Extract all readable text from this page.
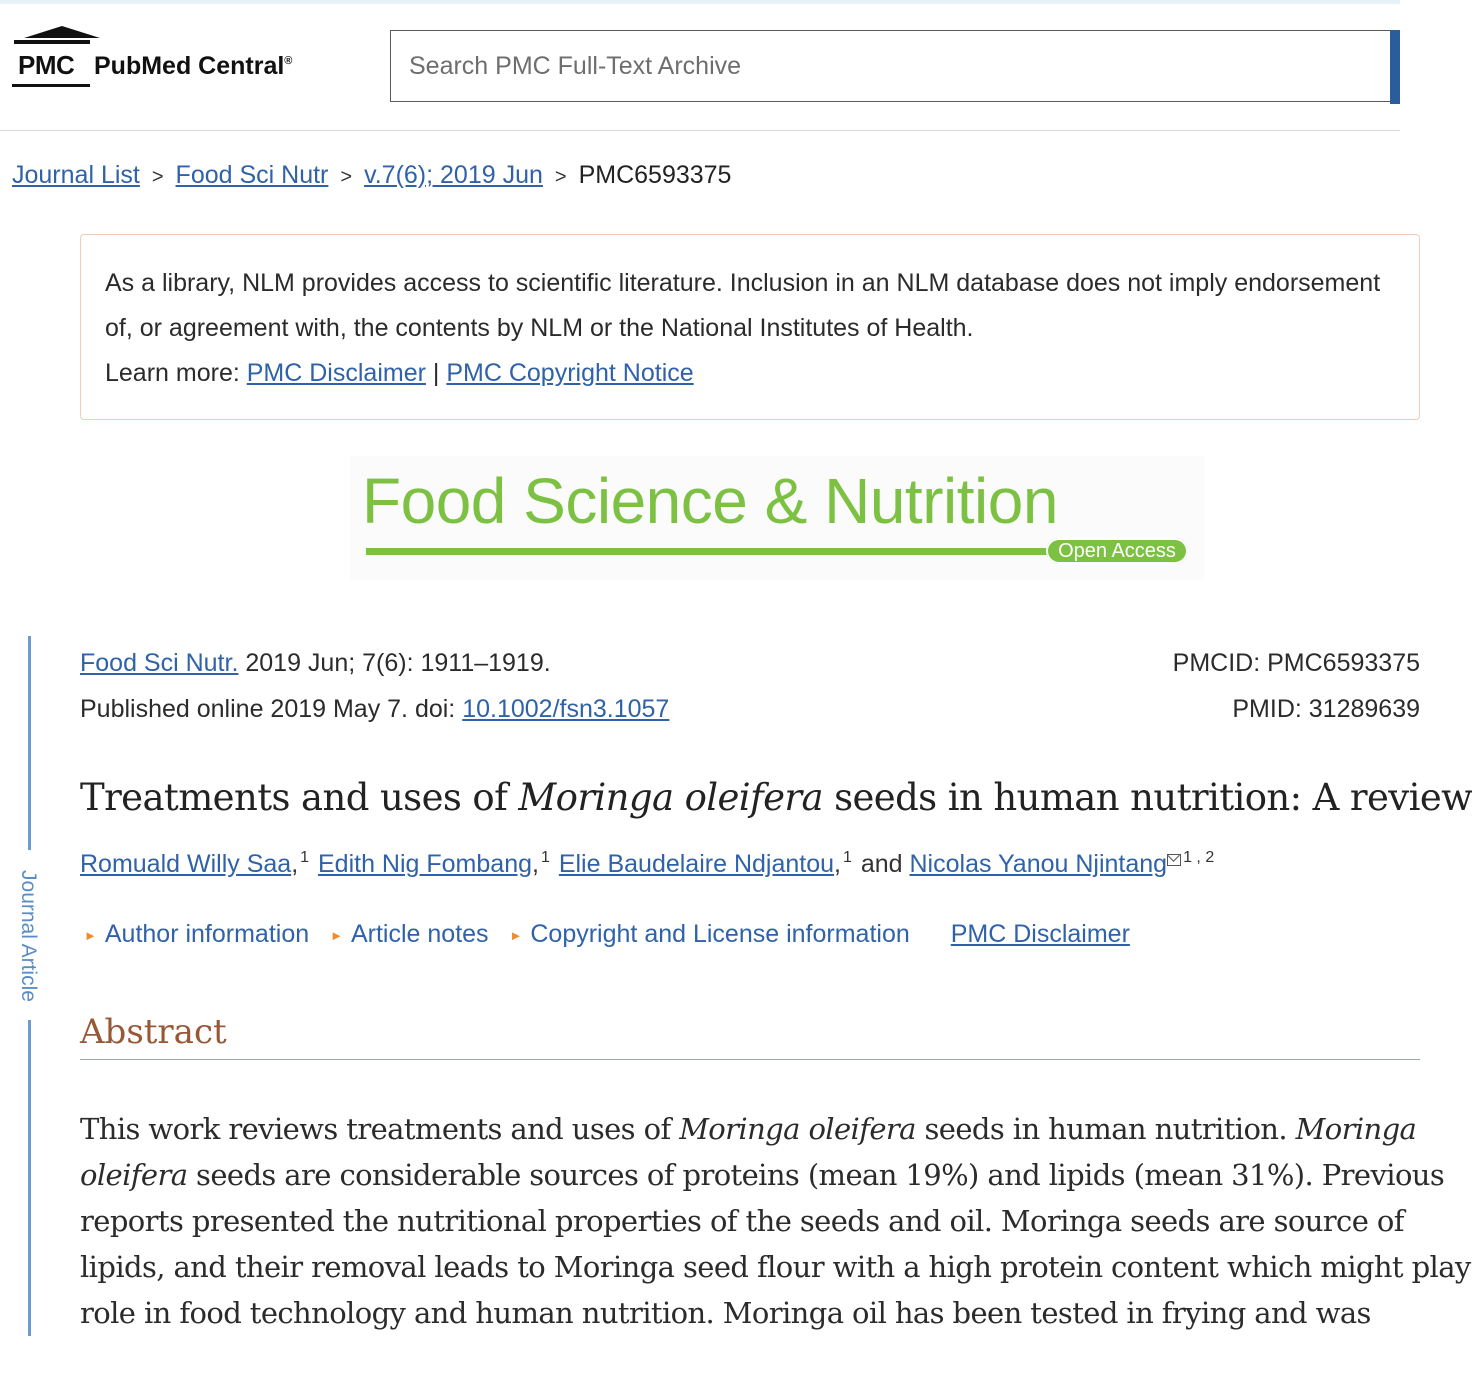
PMC PubMed Central®
Search PMC Full-Text Archive
Journal List > Food Sci Nutr > v.7(6); 2019 Jun > PMC6593375

As a library, NLM provides access to scientific literature. Inclusion in an NLM database does not imply endorsement

of, or agreement with, the contents by NLM or the National Institutes of Health.

Learn more: PMC Disclaimer | PMC Copyright Notice

Food Science & Nutrition
Open Access
Journal Article
Food Sci Nutr. 2019 Jun; 7(6): 1911–1919.
Published online 2019 May 7. doi: 10.1002/fsn3.1057
PMCID: PMC6593375
PMID: 31289639
Treatments and uses of Moringa oleifera seeds in human nutrition: A review
Romuald Willy Saa, $^1$ Edith Nig Fombang, $^1$ Elie Baudelaire Ndjantou, $^1$ and Nicolas Yanou Njintang $^{1 , 2}$
► Author information ► Article notes ► Copyright and License information PMC Disclaimer
Abstract
This work reviews treatments and uses of Moringa oleifera seeds in human nutrition. Moringa
oleifera seeds are considerable sources of proteins (mean 19%) and lipids (mean 31%). Previous
reports presented the nutritional properties of the seeds and oil. Moringa seeds are source of
lipids, and their removal leads to Moringa seed flour with a high protein content which might play
role in food technology and human nutrition. Moringa oil has been tested in frying and was
